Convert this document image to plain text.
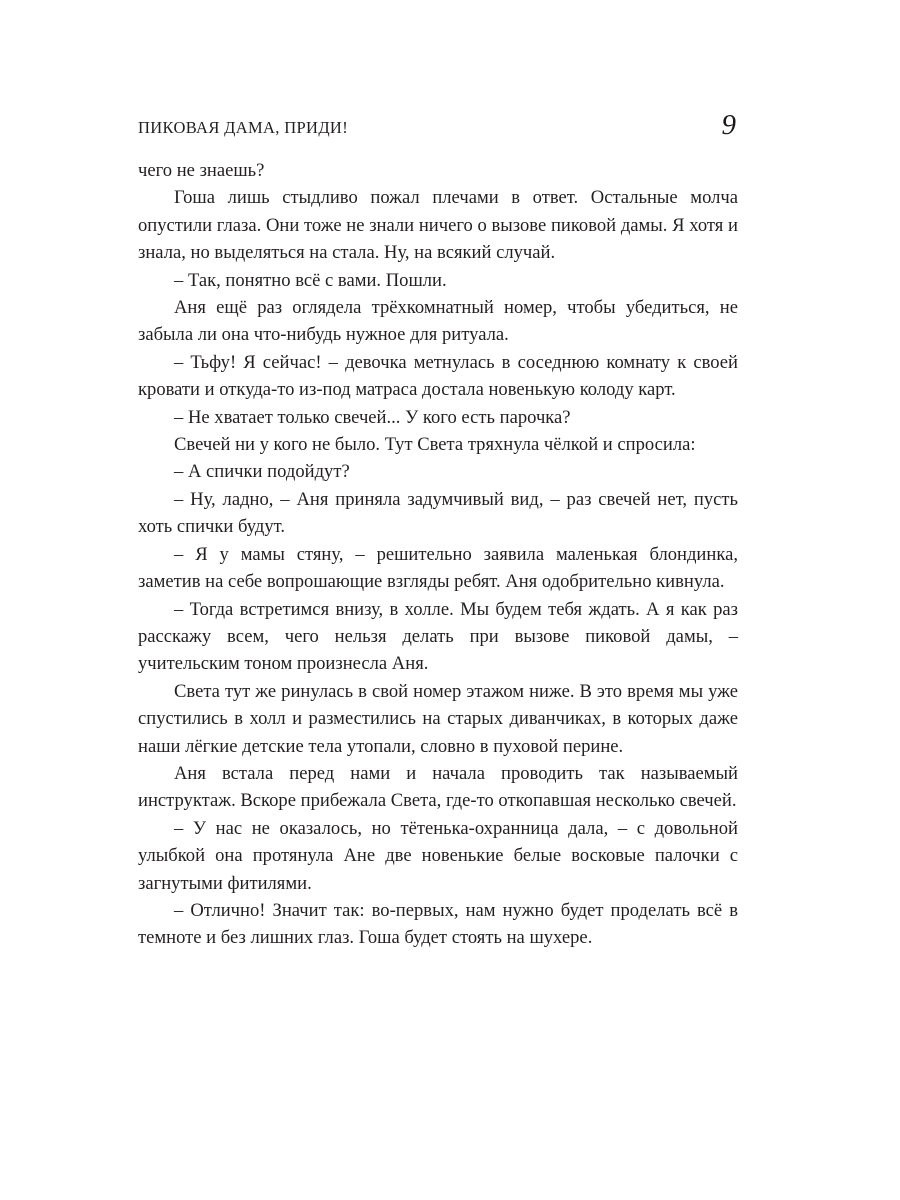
ПИКОВАЯ ДАМА, ПРИДИ!	9

чего не знаешь?

Гоша лишь стыдливо пожал плечами в ответ. Остальные молча опустили глаза. Они тоже не знали ничего о вызове пиковой дамы. Я хотя и знала, но выделяться на стала. Ну, на всякий случай.

– Так, понятно всё с вами. Пошли.

Аня ещё раз оглядела трёхкомнатный номер, чтобы убедиться, не забыла ли она что-нибудь нужное для ритуала.

– Тьфу! Я сейчас! – девочка метнулась в соседнюю комнату к своей кровати и откуда-то из-под матраса достала новенькую колоду карт.

– Не хватает только свечей... У кого есть парочка?

Свечей ни у кого не было. Тут Света тряхнула чёлкой и спросила:

– А спички подойдут?

– Ну, ладно, – Аня приняла задумчивый вид, – раз свечей нет, пусть хоть спички будут.

– Я у мамы стяну, – решительно заявила маленькая блондинка, заметив на себе вопрошающие взгляды ребят. Аня одобрительно кивнула.

– Тогда встретимся внизу, в холле. Мы будем тебя ждать. А я как раз расскажу всем, чего нельзя делать при вызове пиковой дамы, – учительским тоном произнесла Аня.

Света тут же ринулась в свой номер этажом ниже. В это время мы уже спустились в холл и разместились на старых диванчиках, в которых даже наши лёгкие детские тела утопали, словно в пуховой перине.

Аня встала перед нами и начала проводить так называемый инструктаж. Вскоре прибежала Света, где-то откопавшая несколько свечей.

– У нас не оказалось, но тётенька-охранница дала, – с довольной улыбкой она протянула Ане две новенькие белые восковые палочки с загнутыми фитилями.

– Отлично! Значит так: во-первых, нам нужно будет проделать всё в темноте и без лишних глаз. Гоша будет стоять на шухере.
